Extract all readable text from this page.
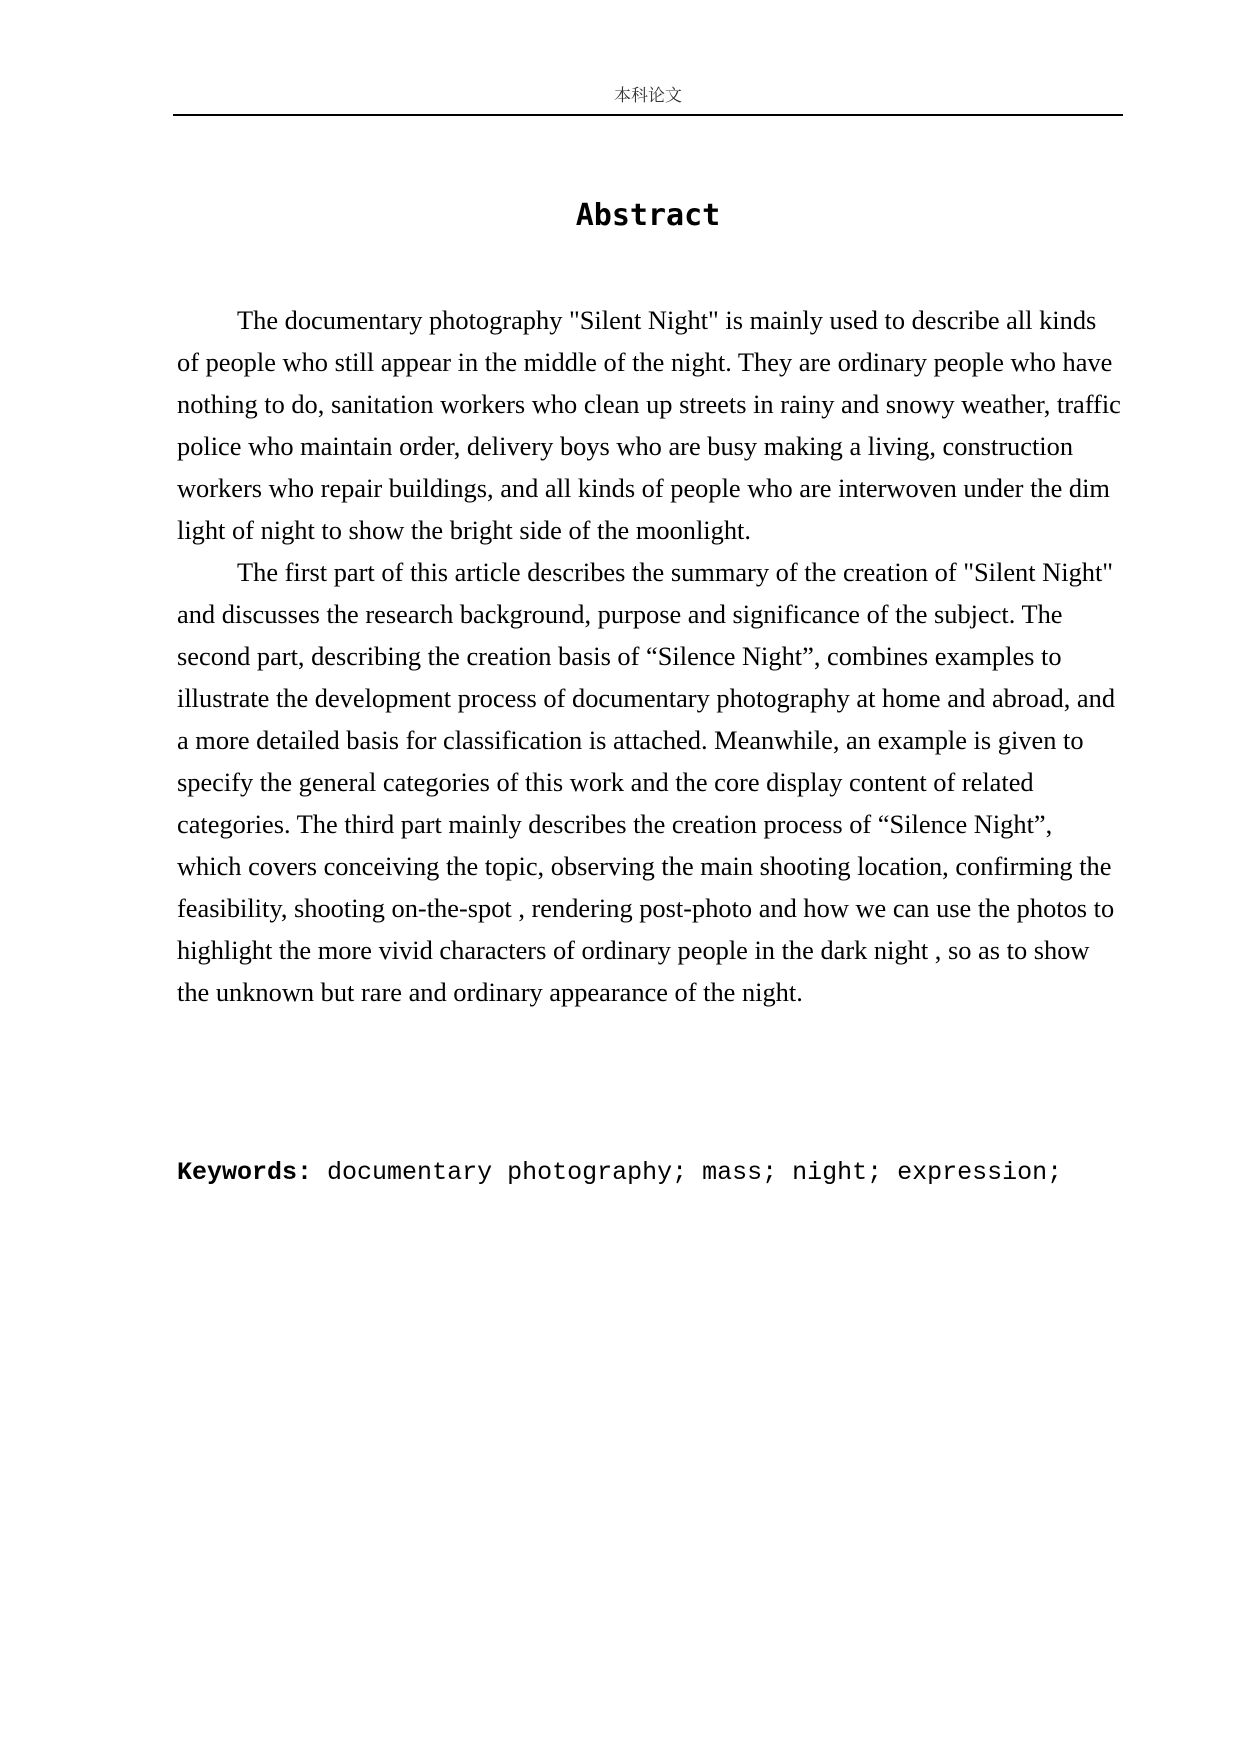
本科论文
Abstract

The documentary photography "Silent Night" is mainly used to describe all kinds of people who still appear in the middle of the night. They are ordinary people who have nothing to do, sanitation workers who clean up streets in rainy and snowy weather, traffic police who maintain order, delivery boys who are busy making a living, construction workers who repair buildings, and all kinds of people who are interwoven under the dim light of night to show the bright side of the moonlight.

The first part of this article describes the summary of the creation of "Silent Night" and discusses the research background, purpose and significance of the subject. The second part, describing the creation basis of “Silence Night”, combines examples to illustrate the development process of documentary photography at home and abroad, and a more detailed basis for classification is attached. Meanwhile, an example is given to specify the general categories of this work and the core display content of related categories. The third part mainly describes the creation process of “Silence Night”, which covers conceiving the topic, observing the main shooting location, confirming the feasibility, shooting on-the-spot , rendering post-photo and how we can use the photos to highlight the more vivid characters of ordinary people in the dark night , so as to show the unknown but rare and ordinary appearance of the night.

Keywords: documentary photography; mass; night; expression;
